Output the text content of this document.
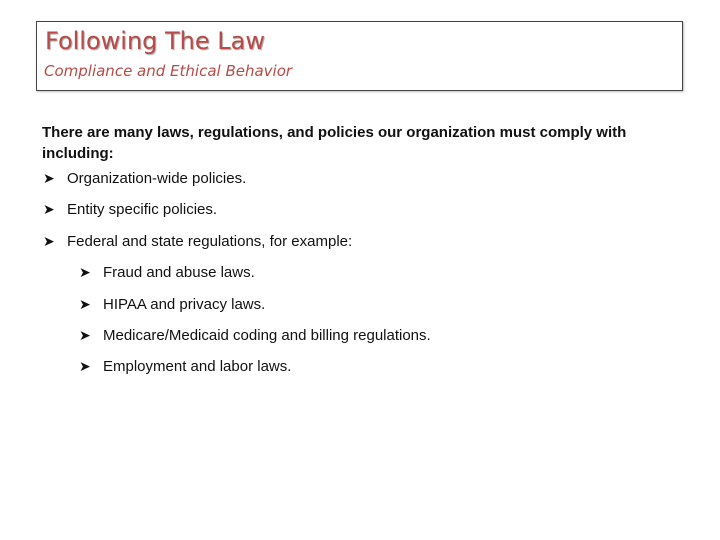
Following The Law
Compliance and Ethical Behavior
There are many laws, regulations, and policies our organization must comply with including:
➤ Organization-wide policies.
➤ Entity specific policies.
➤ Federal and state regulations, for example:
➤ Fraud and abuse laws.
➤ HIPAA and privacy laws.
➤ Medicare/Medicaid coding and billing regulations.
➤ Employment and labor laws.
